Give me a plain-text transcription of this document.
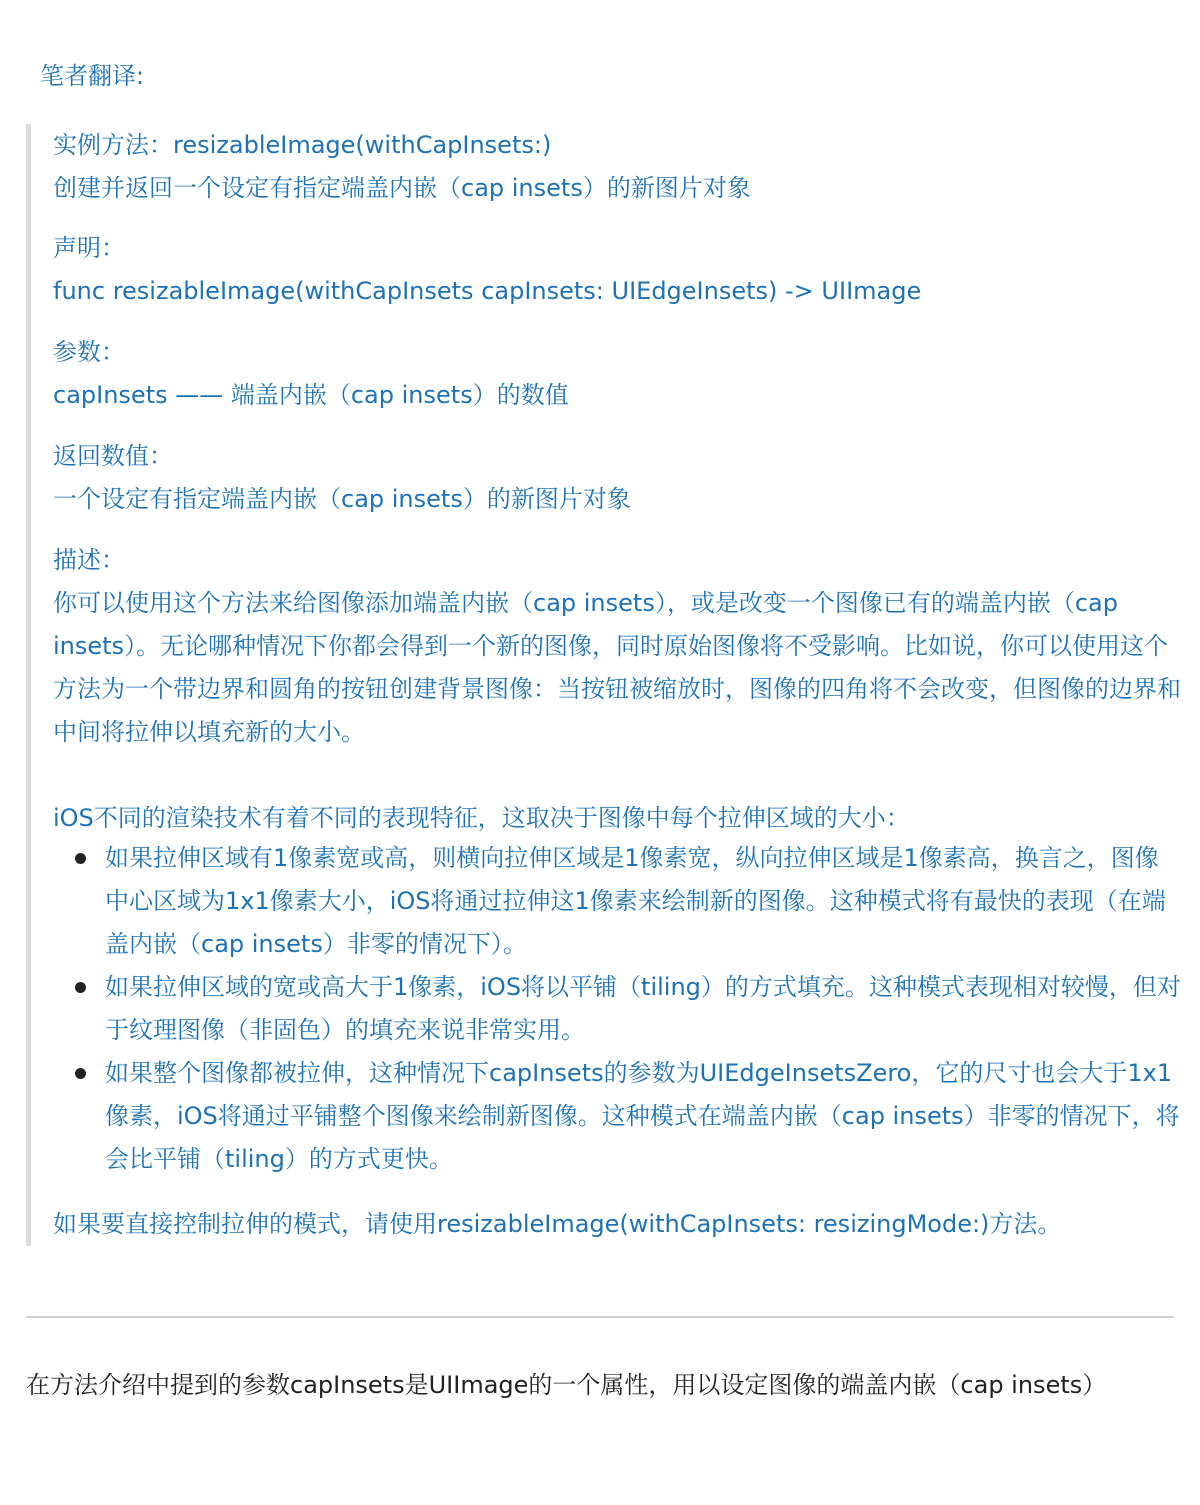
笔者翻译:

实例方法：resizableImage(withCapInsets:)

创建并返回一个设定有指定端盖内嵌（cap insets）的新图片对象

声明：

func resizableImage(withCapInsets capInsets: UIEdgeInsets) -> UIImage

参数：

capInsets —— 端盖内嵌（cap insets）的数值

返回数值：

一个设定有指定端盖内嵌（cap insets）的新图片对象

描述：

你可以使用这个方法来给图像添加端盖内嵌（cap insets），或是改变一个图像已有的端盖内嵌（cap insets）。无论哪种情况下你都会得到一个新的图像，同时原始图像将不受影响。比如说，你可以使用这个方法为一个带边界和圆角的按钮创建背景图像：当按钮被缩放时，图像的四角将不会改变，但图像的边界和中间将拉伸以填充新的大小。

iOS不同的渲染技术有着不同的表现特征，这取决于图像中每个拉伸区域的大小：

如果拉伸区域有1像素宽或高，则横向拉伸区域是1像素宽，纵向拉伸区域是1像素高，换言之，图像中心区域为1x1像素大小，iOS将通过拉伸这1像素来绘制新的图像。这种模式将有最快的表现（在端盖内嵌（cap insets）非零的情况下）。
如果拉伸区域的宽或高大于1像素，iOS将以平铺（tiling）的方式填充。这种模式表现相对较慢，但对于纹理图像（非固色）的填充来说非常实用。
如果整个图像都被拉伸，这种情况下capInsets的参数为UIEdgeInsetsZero，它的尺寸也会大于1x1像素，iOS将通过平铺整个图像来绘制新图像。这种模式在端盖内嵌（cap insets）非零的情况下，将会比平铺（tiling）的方式更快。

如果要直接控制拉伸的模式，请使用resizableImage(withCapInsets: resizingMode:)方法。

在方法介绍中提到的参数capInsets是UIImage的一个属性，用以设定图像的端盖内嵌（cap insets）
